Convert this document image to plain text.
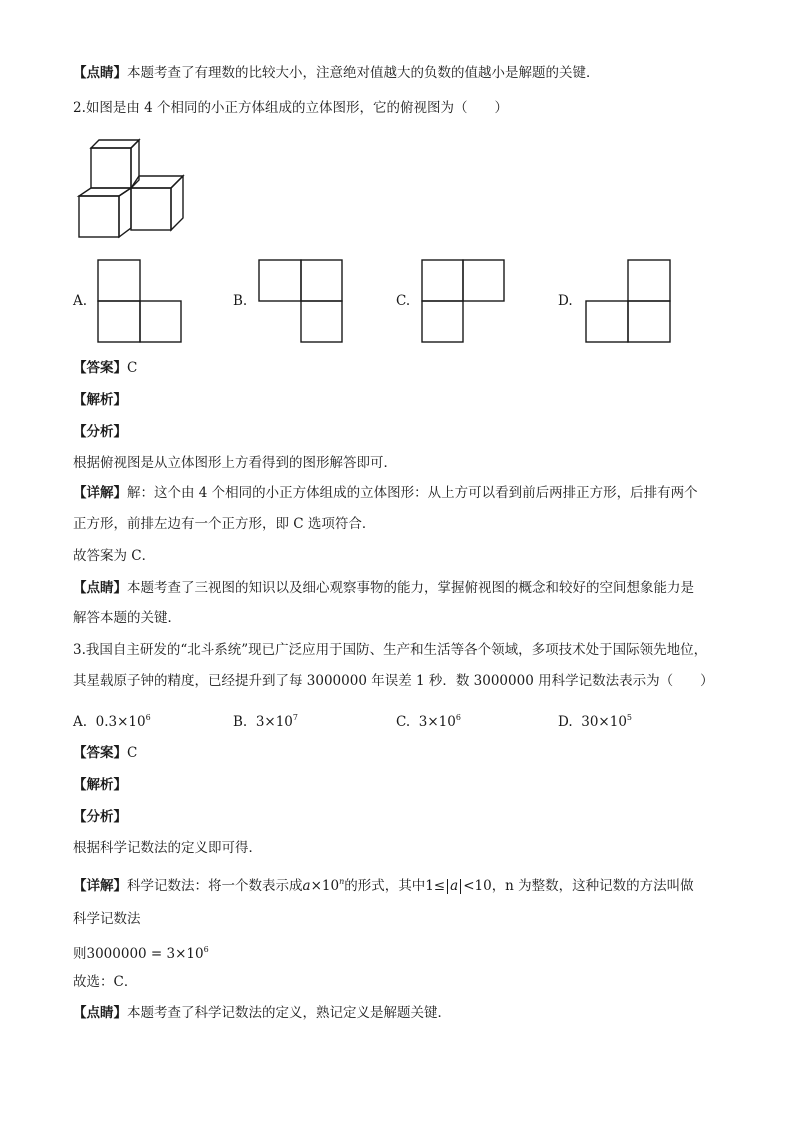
【点睛】本题考查了有理数的比较大小，注意绝对值越大的负数的值越小是解题的关键．
2.如图是由 4 个相同的小正方体组成的立体图形，它的俯视图为（　　）
A.	B.	C.	D.
【答案】C
【解析】
【分析】
根据俯视图是从立体图形上方看得到的图形解答即可．
【详解】解：这个由 4 个相同的小正方体组成的立体图形：从上方可以看到前后两排正方形，后排有两个
正方形，前排左边有一个正方形，即 C 选项符合．
故答案为 C．
【点睛】本题考查了三视图的知识以及细心观察事物的能力，掌握俯视图的概念和较好的空间想象能力是
解答本题的关键．
3.我国自主研发的“北斗系统”现已广泛应用于国防、生产和生活等各个领域，多项技术处于国际领先地位，
其星载原子钟的精度，已经提升到了每 3000000 年误差 1 秒．数 3000000 用科学记数法表示为（　　）
A. $0.3\times 10^6$	B. $3\times 10^7$	C. $3\times 10^6$	D. $30\times 10^5$
【答案】C
【解析】
【分析】
根据科学记数法的定义即可得．
【详解】科学记数法：将一个数表示成$a\times 10^n$的形式，其中1≤ a <10，n 为整数，这种记数的方法叫做
科学记数法
则$3000000 = 3\times 10^6$
故选：C．
【点睛】本题考查了科学记数法的定义，熟记定义是解题关键．
